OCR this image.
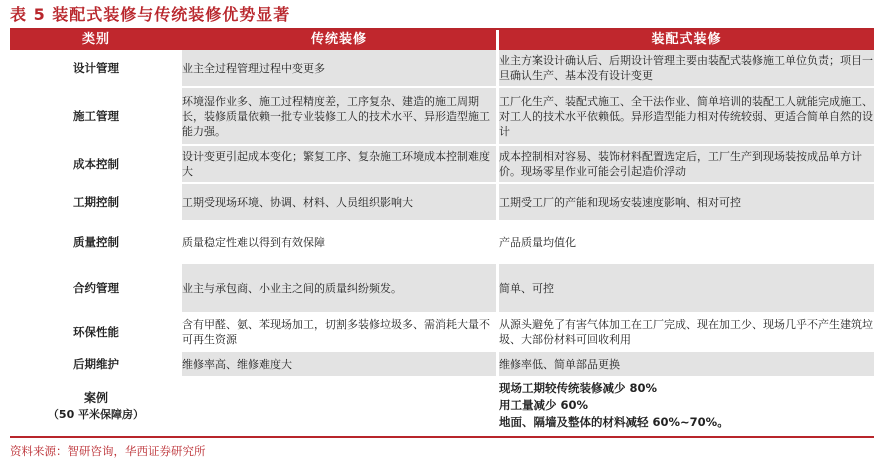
表 5 装配式装修与传统装修优势显著
类别	传统装修		装配式装修
设计管理	业主全过程管理过程中变更多		业主方案设计确认后、后期设计管理主要由装配式装修施工单位负责；项目一旦确认生产、基本没有设计变更

施工管理	环境湿作业多、施工过程精度差，工序复杂、建造的施工周期长，装修质量依赖一批专业装修工人的技术水平、异形造型施工能力强。		工厂化生产、装配式施工、全干法作业、简单培训的装配工人就能完成施工、对工人的技术水平依赖低。异形造型能力相对传统较弱、更适合简单自然的设计

成本控制	设计变更引起成本变化；繁复工序、复杂施工环境成本控制难度大		成本控制相对容易、装饰材料配置选定后，工厂生产到现场装按成品单方计价。现场零星作业可能会引起造价浮动

工期控制	工期受现场环境、协调、材料、人员组织影响大		工期受工厂的产能和现场安装速度影响、相对可控

质量控制	质量稳定性难以得到有效保障		产品质量均值化

合约管理	业主与承包商、小业主之间的质量纠纷频发。		简单、可控

环保性能	含有甲醛、氨、苯现场加工，切割多装修垃圾多、需消耗大量不可再生资源		从源头避免了有害气体加工在工厂完成、现在加工少、现场几乎不产生建筑垃圾、大部份材料可回收利用

后期维护	维修率高、维修难度大		维修率低、简单部品更换

案例
（50 平米保障房）			现场工期较传统装修减少 80%
用工量减少 60%
地面、隔墙及整体的材料减轻 60%~70%。
资料来源：智研咨询，华西证券研究所
